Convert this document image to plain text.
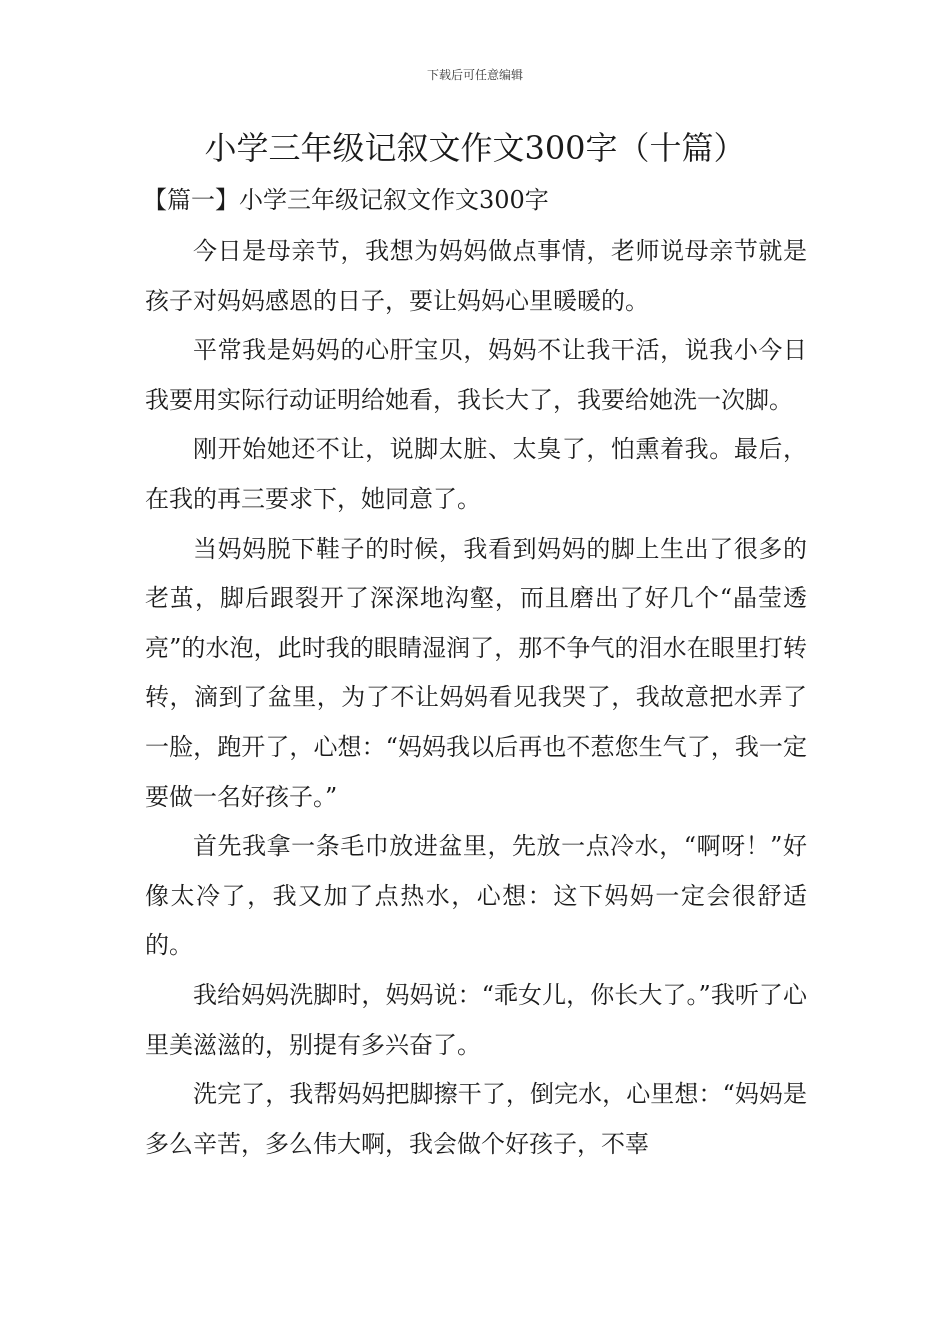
下载后可任意编辑
小学三年级记叙文作文300字（十篇）
【篇一】小学三年级记叙文作文300字

今日是母亲节，我想为妈妈做点事情，老师说母亲节就是孩子对妈妈感恩的日子，要让妈妈心里暖暖的。

平常我是妈妈的心肝宝贝，妈妈不让我干活，说我小今日我要用实际行动证明给她看，我长大了，我要给她洗一次脚。

刚开始她还不让，说脚太脏、太臭了，怕熏着我。最后，在我的再三要求下，她同意了。

当妈妈脱下鞋子的时候，我看到妈妈的脚上生出了很多的老茧，脚后跟裂开了深深地沟壑，而且磨出了好几个“晶莹透亮”的水泡，此时我的眼睛湿润了，那不争气的泪水在眼里打转转，滴到了盆里，为了不让妈妈看见我哭了，我故意把水弄了一脸，跑开了，心想：“妈妈我以后再也不惹您生气了，我一定要做一名好孩子。”

首先我拿一条毛巾放进盆里，先放一点冷水，“啊呀！”好像太冷了，我又加了点热水，心想：这下妈妈一定会很舒适的。

我给妈妈洗脚时，妈妈说：“乖女儿，你长大了。”我听了心里美滋滋的，别提有多兴奋了。

洗完了，我帮妈妈把脚擦干了，倒完水，心里想：“妈妈是多么辛苦，多么伟大啊，我会做个好孩子，不辜
